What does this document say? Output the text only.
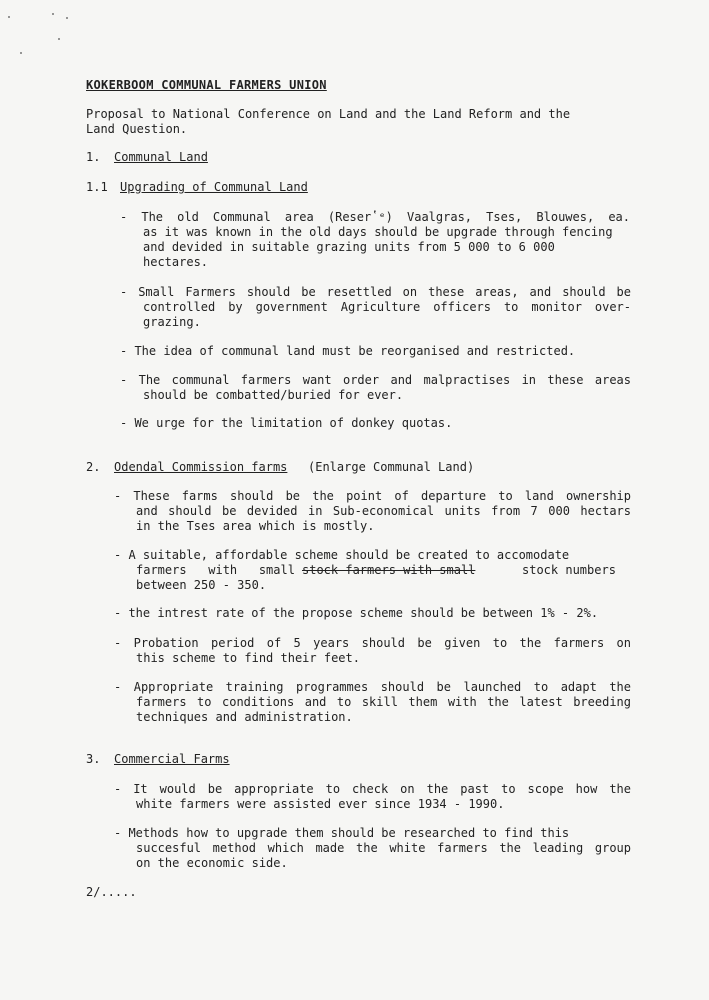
KOKERBOOM COMMUNAL FARMERS UNION
Proposal to National Conference on Land and the Land Reform and the
Land Question.
1. Communal Land
1.1 Upgrading of Communal Land
- The old Communal area (Reserʽᵉ) Vaalgras, Tses, Blouwes, ea.
as it was known in the old days should be upgrade through fencing
and devided in suitable grazing units from 5 000 to 6 000
hectares.
- Small Farmers should be resettled on these areas, and should be
controlled by government Agriculture officers to monitor over-
grazing.
- The idea of communal land must be reorganised and restricted.
- The communal farmers want order and malpractises in these areas
should be combatted/buried for ever.
- We urge for the limitation of donkey quotas.
2. Odendal Commission farms (Enlarge Communal Land)
- These farms should be the point of departure to land ownership
and should be devided in Sub-economical units from 7 000 hectars
in the Tses area which is mostly.
- A suitable, affordable scheme should be created to accomodate
farmers   with   small stock farmers with small	stock numbers
between 250 - 350.
- the intrest rate of the propose scheme should be between 1% - 2%.
- Probation period of 5 years should be given to the farmers on
this scheme to find their feet.
- Appropriate training programmes should be launched to adapt the
farmers to conditions and to skill them with the latest breeding
techniques and administration.
3. Commercial Farms
- It would be appropriate to check on the past to scope how the
white farmers were assisted ever since 1934 - 1990.
- Methods how to upgrade them should be researched to find this
succesful method which made the white farmers the leading group
on the economic side.
2/.....
